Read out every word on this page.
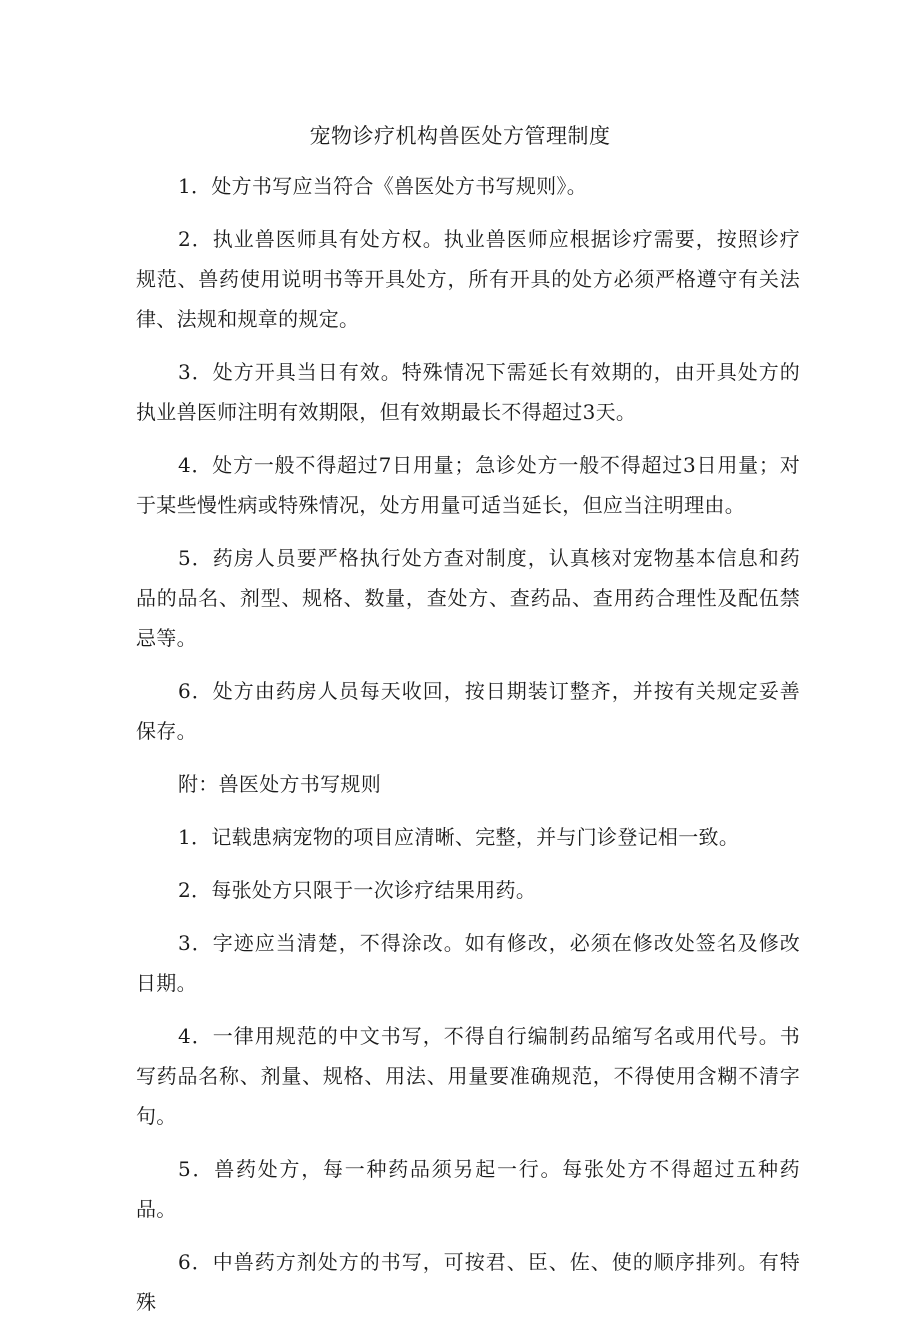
宠物诊疗机构兽医处方管理制度

1．处方书写应当符合《兽医处方书写规则》。

2．执业兽医师具有处方权。执业兽医师应根据诊疗需要，按照诊疗规范、兽药使用说明书等开具处方，所有开具的处方必须严格遵守有关法律、法规和规章的规定。

3．处方开具当日有效。特殊情况下需延长有效期的，由开具处方的执业兽医师注明有效期限，但有效期最长不得超过3天。

4．处方一般不得超过7日用量；急诊处方一般不得超过3日用量；对于某些慢性病或特殊情况，处方用量可适当延长，但应当注明理由。

5．药房人员要严格执行处方查对制度，认真核对宠物基本信息和药品的品名、剂型、规格、数量，查处方、查药品、查用药合理性及配伍禁忌等。

6．处方由药房人员每天收回，按日期装订整齐，并按有关规定妥善保存。

附：兽医处方书写规则

1．记载患病宠物的项目应清晰、完整，并与门诊登记相一致。

2．每张处方只限于一次诊疗结果用药。

3．字迹应当清楚，不得涂改。如有修改，必须在修改处签名及修改日期。

4．一律用规范的中文书写，不得自行编制药品缩写名或用代号。书写药品名称、剂量、规格、用法、用量要准确规范，不得使用含糊不清字句。

5．兽药处方，每一种药品须另起一行。每张处方不得超过五种药品。

6．中兽药方剂处方的书写，可按君、臣、佐、使的顺序排列。有特殊
